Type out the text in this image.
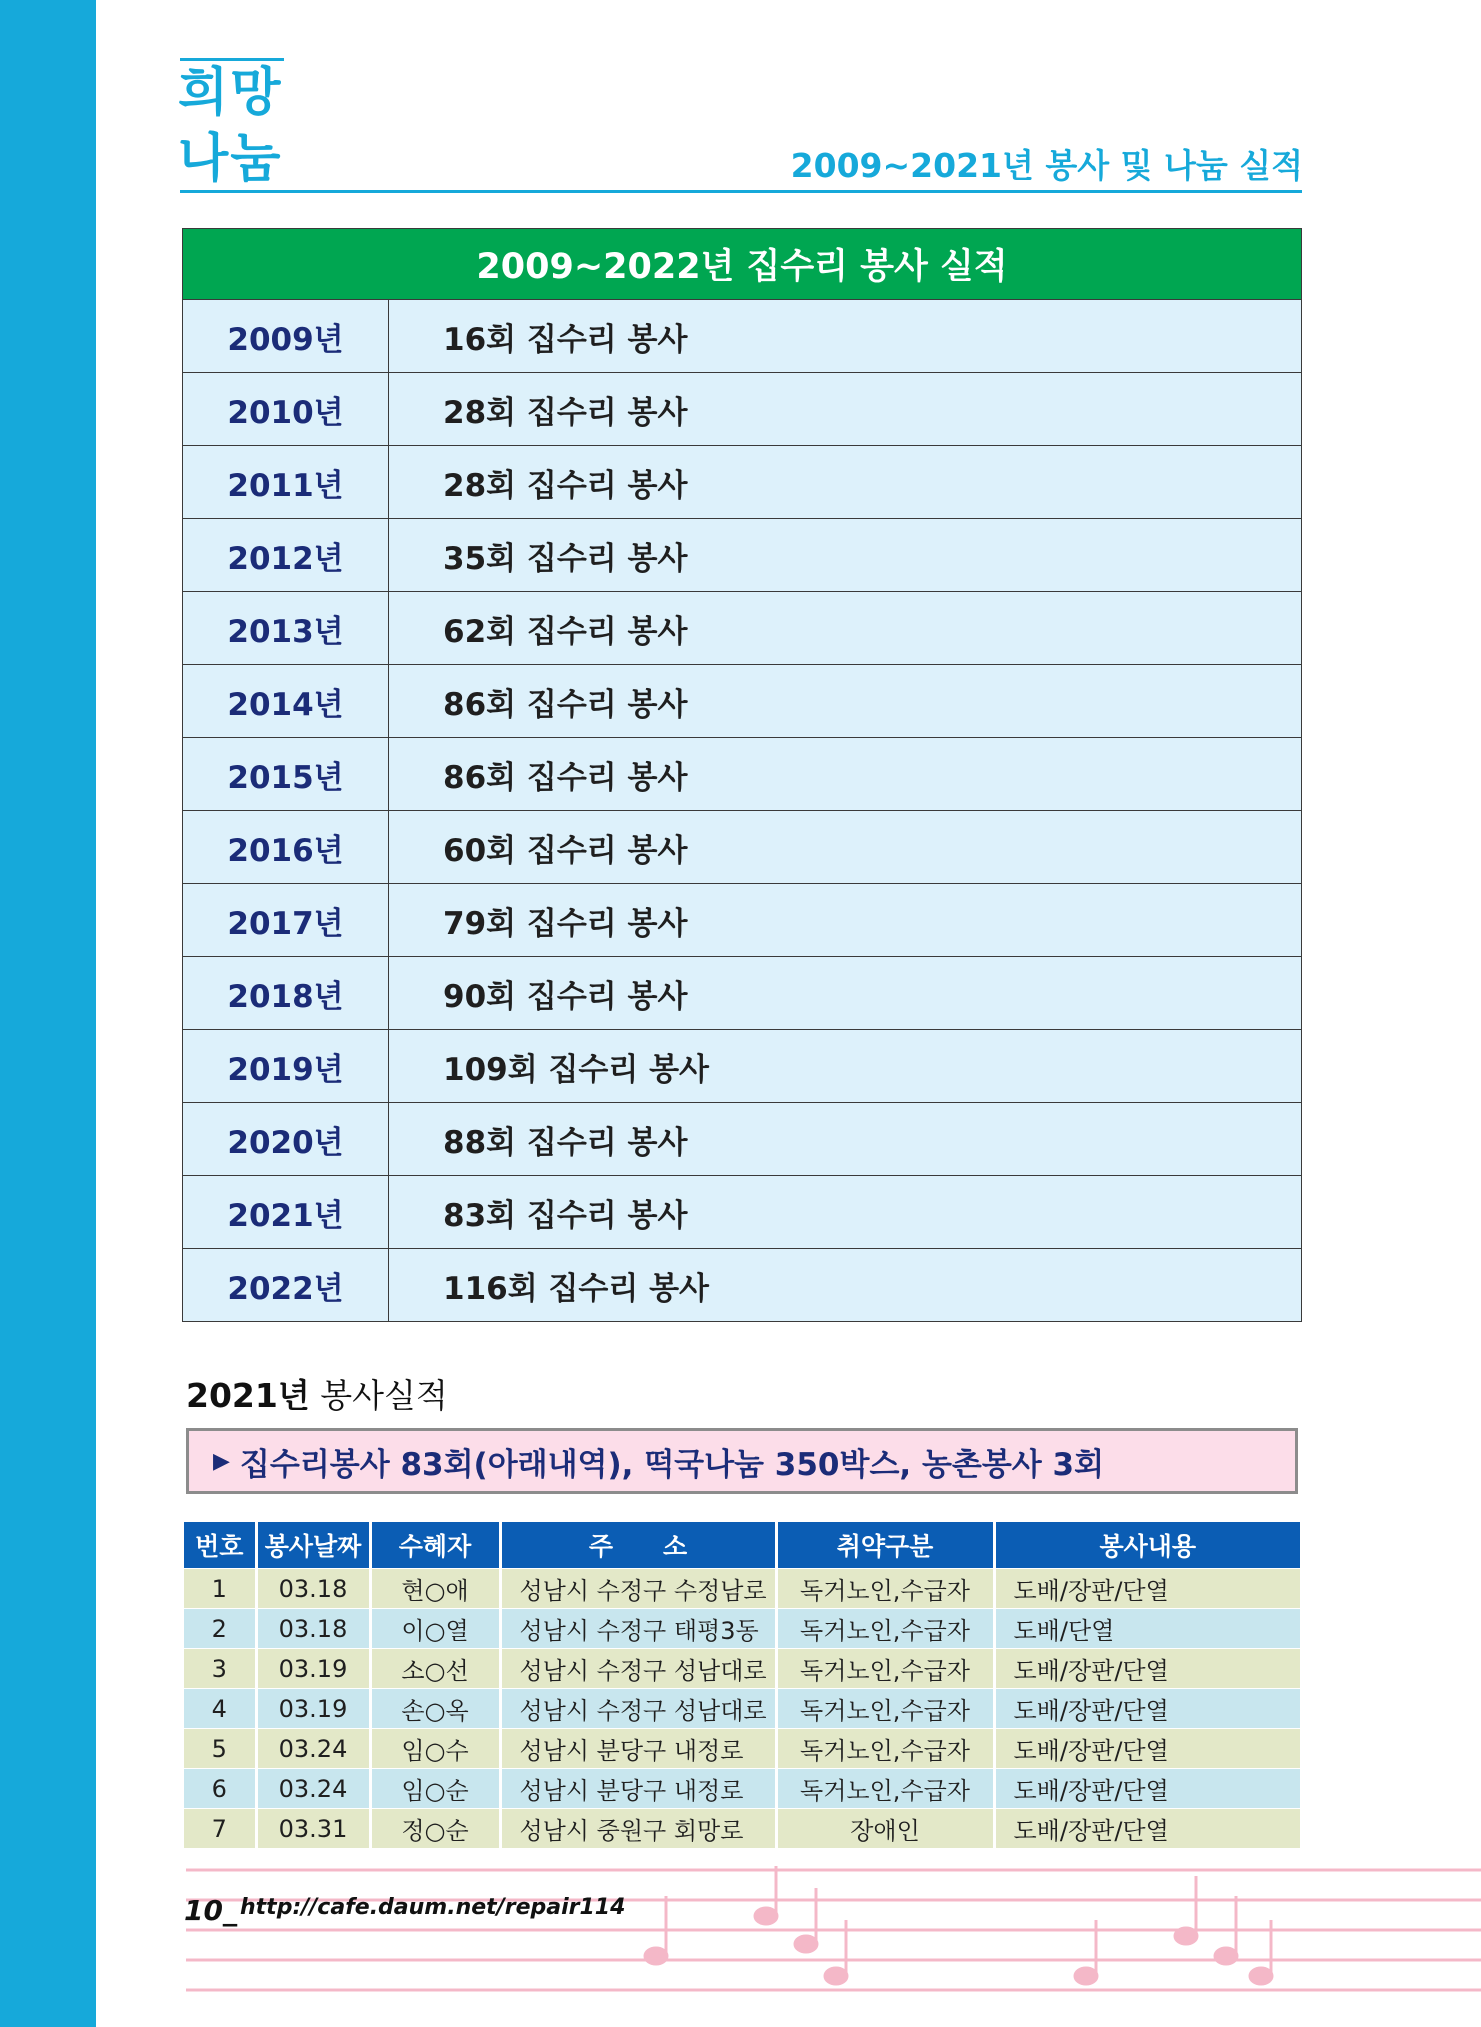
희망
나눔	2009~2021년 봉사 및 나눔 실적
2009~2022년 집수리 봉사 실적	
2009년	16회 집수리 봉사
2010년	28회 집수리 봉사
2011년	28회 집수리 봉사
2012년	35회 집수리 봉사
2013년	62회 집수리 봉사
2014년	86회 집수리 봉사
2015년	86회 집수리 봉사
2016년	60회 집수리 봉사
2017년	79회 집수리 봉사
2018년	90회 집수리 봉사
2019년	109회 집수리 봉사
2020년	88회 집수리 봉사
2021년	83회 집수리 봉사
2022년	116회 집수리 봉사
2021년 봉사실적
▶ 집수리봉사 83회(아래내역), 떡국나눔 350박스, 농촌봉사 3회
번호	봉사날짜	수혜자	주　　소	취약구분	봉사내용
1	03.18	현○애	성남시 수정구 수정남로	독거노인,수급자	도배/장판/단열
2	03.18	이○열	성남시 수정구 태평3동	독거노인,수급자	도배/단열
3	03.19	소○선	성남시 수정구 성남대로	독거노인,수급자	도배/장판/단열
4	03.19	손○옥	성남시 수정구 성남대로	독거노인,수급자	도배/장판/단열
5	03.24	임○수	성남시 분당구 내정로	독거노인,수급자	도배/장판/단열
6	03.24	임○순	성남시 분당구 내정로	독거노인,수급자	도배/장판/단열
7	03.31	정○순	성남시 중원구 회망로	장애인	도배/장판/단열
10_ http://cafe.daum.net/repair114
